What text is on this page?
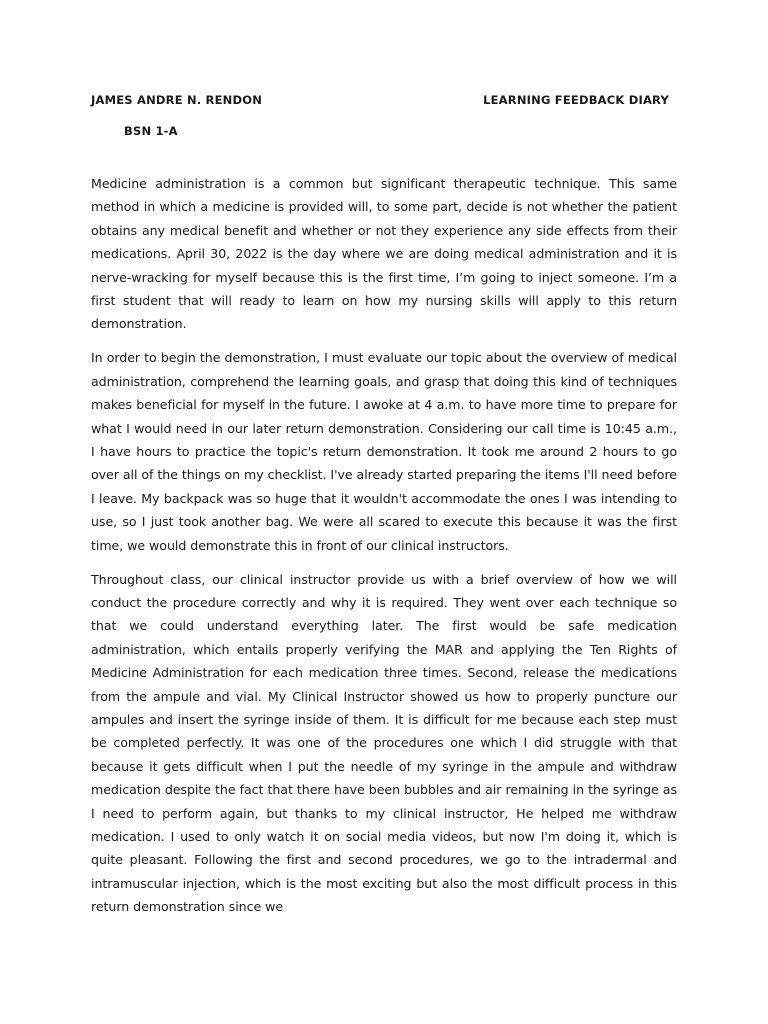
JAMES ANDRE N. RENDON	LEARNING FEEDBACK DIARY
BSN 1-A

Medicine administration is a common but significant therapeutic technique. This same method in which a medicine is provided will, to some part, decide is not whether the patient obtains any medical benefit and whether or not they experience any side effects from their medications. April 30, 2022 is the day where we are doing medical administration and it is nerve-wracking for myself because this is the first time, I’m going to inject someone. I’m a first student that will ready to learn on how my nursing skills will apply to this return demonstration.

In order to begin the demonstration, I must evaluate our topic about the overview of medical administration, comprehend the learning goals, and grasp that doing this kind of techniques makes beneficial for myself in the future. I awoke at 4 a.m. to have more time to prepare for what I would need in our later return demonstration. Considering our call time is 10:45 a.m., I have hours to practice the topic's return demonstration. It took me around 2 hours to go over all of the things on my checklist. I've already started preparing the items I'll need before I leave. My backpack was so huge that it wouldn't accommodate the ones I was intending to use, so I just took another bag. We were all scared to execute this because it was the first time, we would demonstrate this in front of our clinical instructors.

Throughout class, our clinical instructor provide us with a brief overview of how we will conduct the procedure correctly and why it is required. They went over each technique so that we could understand everything later. The first would be safe medication administration, which entails properly verifying the MAR and applying the Ten Rights of Medicine Administration for each medication three times. Second, release the medications from the ampule and vial. My Clinical Instructor showed us how to properly puncture our ampules and insert the syringe inside of them. It is difficult for me because each step must be completed perfectly. It was one of the procedures one which I did struggle with that because it gets difficult when I put the needle of my syringe in the ampule and withdraw medication despite the fact that there have been bubbles and air remaining in the syringe as I need to perform again, but thanks to my clinical instructor, He helped me withdraw medication. I used to only watch it on social media videos, but now I'm doing it, which is quite pleasant. Following the first and second procedures, we go to the intradermal and intramuscular injection, which is the most exciting but also the most difficult process in this return demonstration since we
